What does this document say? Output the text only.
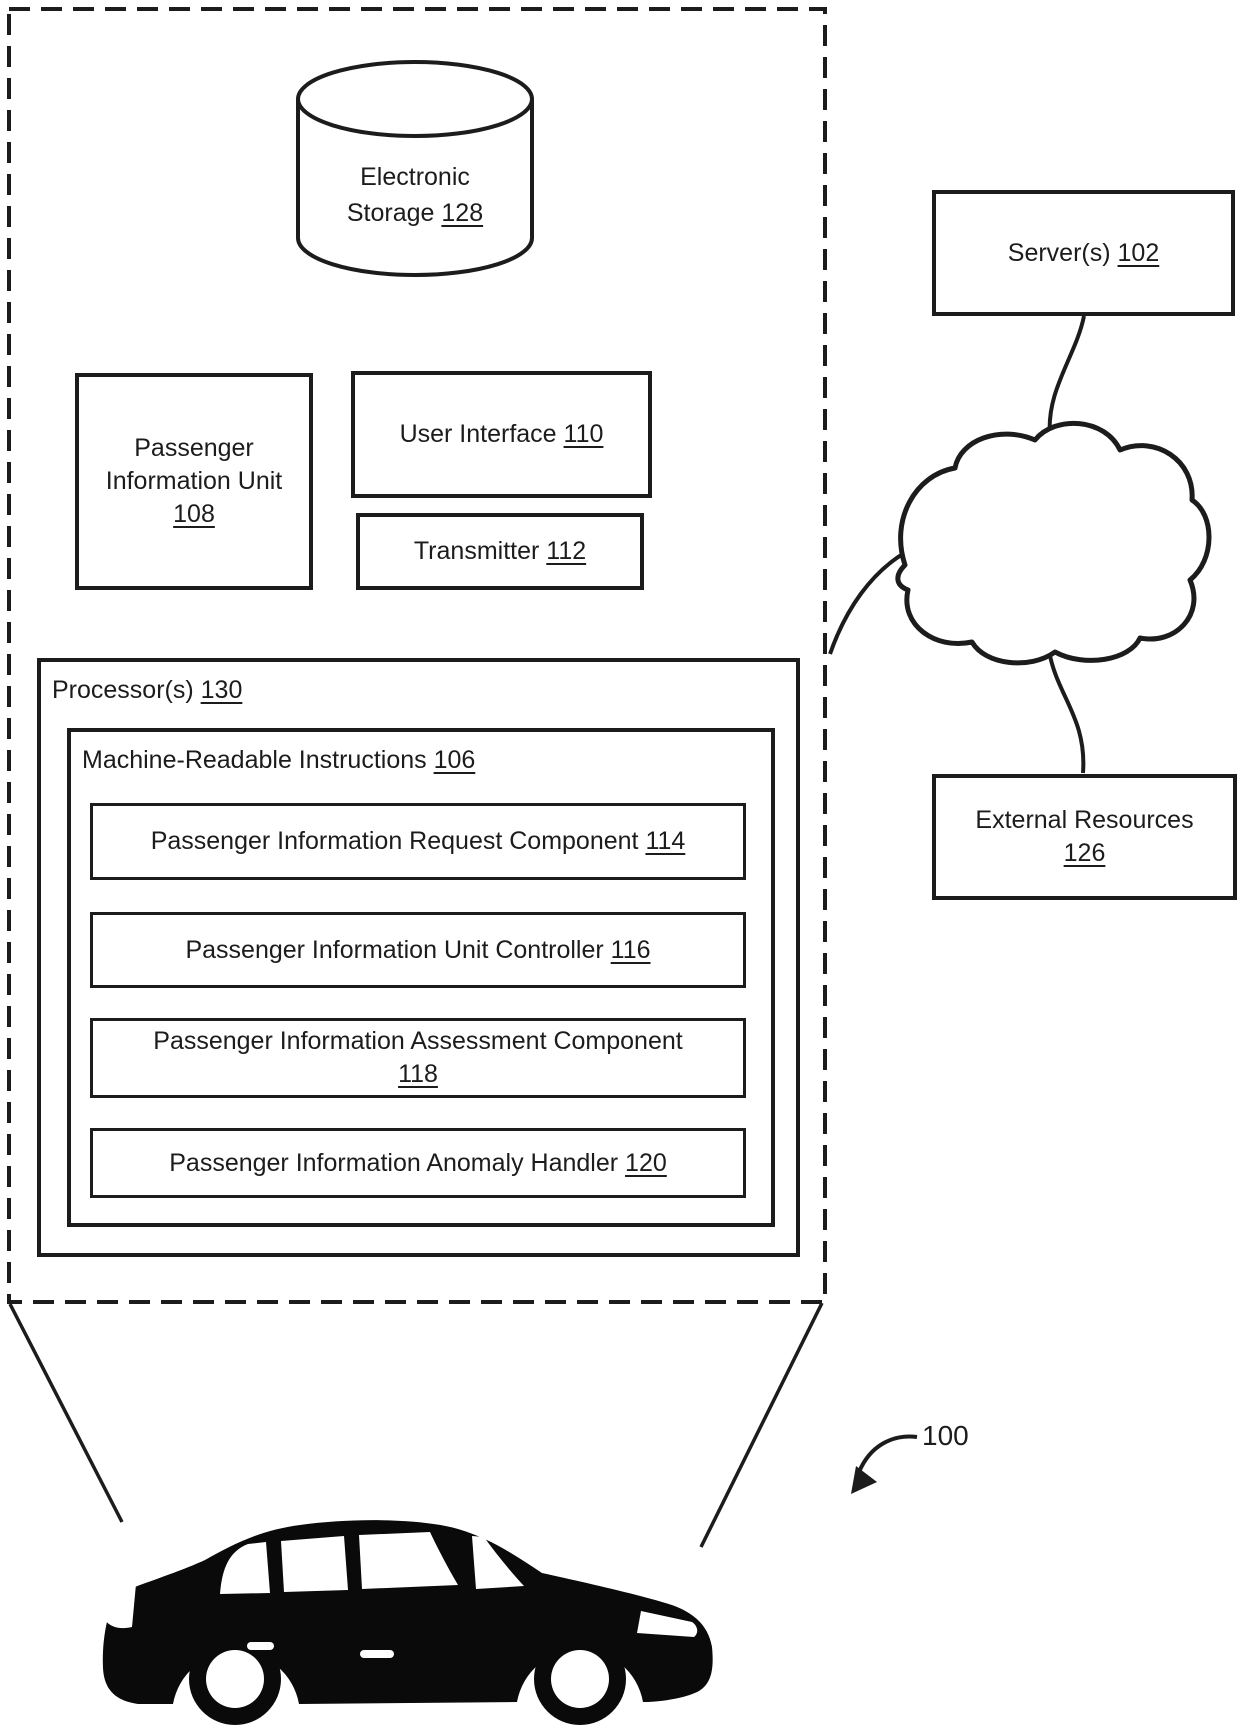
Electronic
Storage 128
Passenger
Information Unit
108
User Interface 110
Transmitter 112
Processor(s) 130
Machine-Readable Instructions 106
Passenger Information Request Component 114
Passenger Information Unit Controller 116
Passenger Information Assessment Component
118
Passenger Information Anomaly Handler 120
Server(s) 102
External Resources
126
100
